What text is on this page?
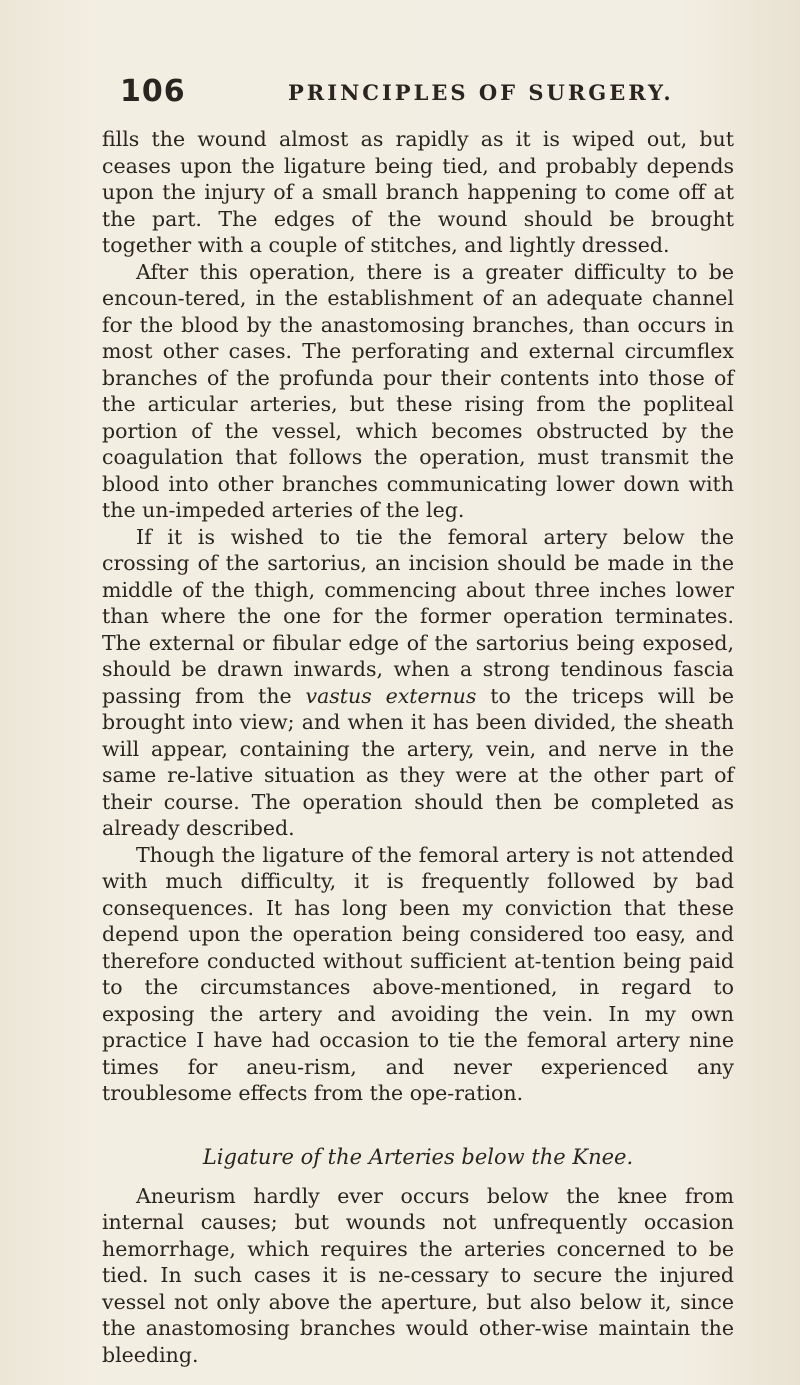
106	PRINCIPLES OF SURGERY.

fills the wound almost as rapidly as it is wiped out, but ceases upon the ligature being tied, and probably depends upon the injury of a small branch happening to come off at the part. The edges of the wound should be brought together with a couple of stitches, and lightly dressed.

After this operation, there is a greater difficulty to be encoun-tered, in the establishment of an adequate channel for the blood by the anastomosing branches, than occurs in most other cases. The perforating and external circumflex branches of the profunda pour their contents into those of the articular arteries, but these rising from the popliteal portion of the vessel, which becomes obstructed by the coagulation that follows the operation, must transmit the blood into other branches communicating lower down with the un-impeded arteries of the leg.

If it is wished to tie the femoral artery below the crossing of the sartorius, an incision should be made in the middle of the thigh, commencing about three inches lower than where the one for the former operation terminates. The external or fibular edge of the sartorius being exposed, should be drawn inwards, when a strong tendinous fascia passing from the vastus externus to the triceps will be brought into view; and when it has been divided, the sheath will appear, containing the artery, vein, and nerve in the same re-lative situation as they were at the other part of their course. The operation should then be completed as already described.

Though the ligature of the femoral artery is not attended with much difficulty, it is frequently followed by bad consequences. It has long been my conviction that these depend upon the operation being considered too easy, and therefore conducted without sufficient at-tention being paid to the circumstances above-mentioned, in regard to exposing the artery and avoiding the vein. In my own practice I have had occasion to tie the femoral artery nine times for aneu-rism, and never experienced any troublesome effects from the ope-ration.

Ligature of the Arteries below the Knee.

Aneurism hardly ever occurs below the knee from internal causes; but wounds not unfrequently occasion hemorrhage, which requires the arteries concerned to be tied. In such cases it is ne-cessary to secure the injured vessel not only above the aperture, but also below it, since the anastomosing branches would other-wise maintain the bleeding.
